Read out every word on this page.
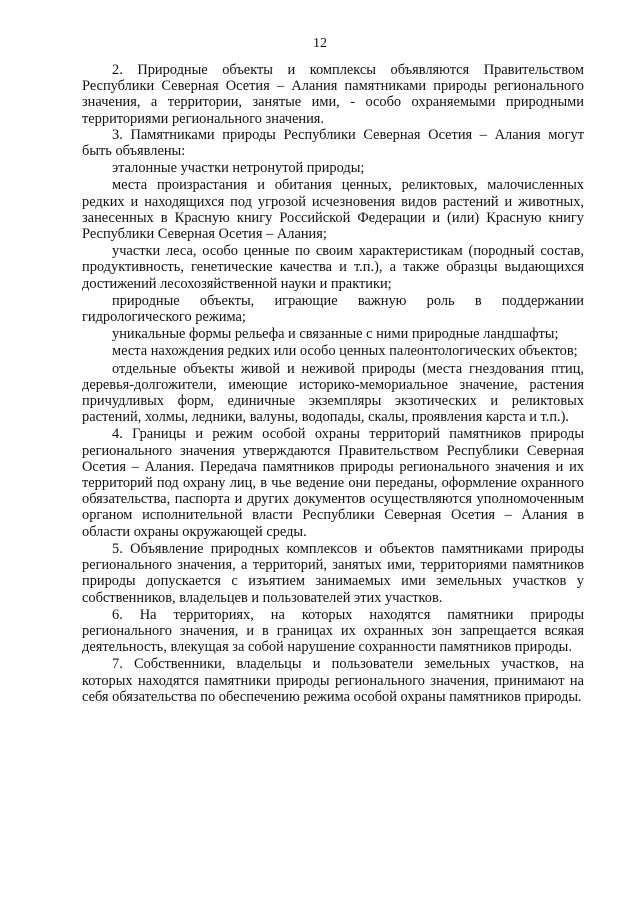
12

2. Природные объекты и комплексы объявляются Правительством Республики Северная Осетия – Алания памятниками природы регионального значения, а территории, занятые ими, - особо охраняемыми природными территориями регионального значения.

3. Памятниками природы Республики Северная Осетия – Алания могут быть объявлены:

эталонные участки нетронутой природы;

места произрастания и обитания ценных, реликтовых, малочисленных редких и находящихся под угрозой исчезновения видов растений и животных, занесенных в Красную книгу Российской Федерации и (или) Красную книгу Республики Северная Осетия – Алания;

участки леса, особо ценные по своим характеристикам (породный состав, продуктивность, генетические качества и т.п.), а также образцы выдающихся достижений лесохозяйственной науки и практики;

природные объекты, играющие важную роль в поддержании гидрологического режима;

уникальные формы рельефа и связанные с ними природные ландшафты;

места нахождения редких или особо ценных палеонтологических объектов;

отдельные объекты живой и неживой природы (места гнездования птиц, деревья-долгожители, имеющие историко-мемориальное значение, растения причудливых форм, единичные экземпляры экзотических и реликтовых растений, холмы, ледники, валуны, водопады, скалы, проявления карста и т.п.).

4. Границы и режим особой охраны территорий памятников природы регионального значения утверждаются Правительством Республики Северная Осетия – Алания. Передача памятников природы регионального значения и их территорий под охрану лиц, в чье ведение они переданы, оформление охранного обязательства, паспорта и других документов осуществляются уполномоченным органом исполнительной власти Республики Северная Осетия – Алания в области охраны окружающей среды.

5. Объявление природных комплексов и объектов памятниками природы регионального значения, а территорий, занятых ими, территориями памятников природы допускается с изъятием занимаемых ими земельных участков у собственников, владельцев и пользователей этих участков.

6. На территориях, на которых находятся памятники природы регионального значения, и в границах их охранных зон запрещается всякая деятельность, влекущая за собой нарушение сохранности памятников природы.

7. Собственники, владельцы и пользователи земельных участков, на которых находятся памятники природы регионального значения, принимают на себя обязательства по обеспечению режима особой охраны памятников природы.
